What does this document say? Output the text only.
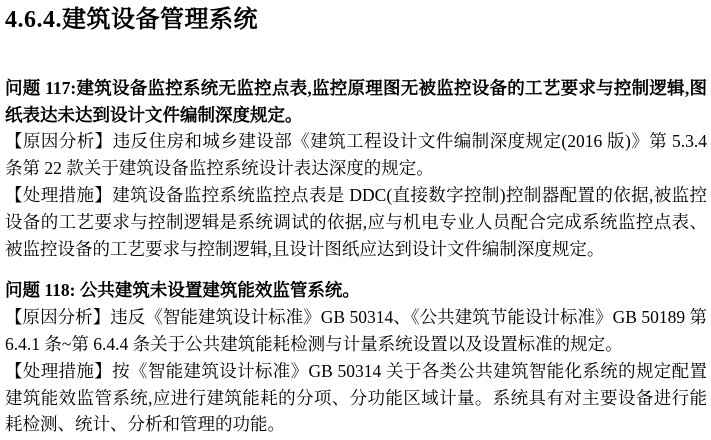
4.6.4.建筑设备管理系统

问题 117:建筑设备监控系统无监控点表,监控原理图无被监控设备的工艺要求与控制逻辑,图纸表达未达到设计文件编制深度规定。

【原因分析】违反住房和城乡建设部《建筑工程设计文件编制深度规定(2016 版)》第 5.3.4 条第 22 款关于建筑设备监控系统设计表达深度的规定。

【处理措施】建筑设备监控系统监控点表是 DDC(直接数字控制)控制器配置的依据,被监控设备的工艺要求与控制逻辑是系统调试的依据,应与机电专业人员配合完成系统监控点表、被监控设备的工艺要求与控制逻辑,且设计图纸应达到设计文件编制深度规定。

问题 118: 公共建筑未设置建筑能效监管系统。

【原因分析】违反《智能建筑设计标准》GB 50314、《公共建筑节能设计标准》GB 50189 第 6.4.1 条~第 6.4.4 条关于公共建筑能耗检测与计量系统设置以及设置标准的规定。

【处理措施】按《智能建筑设计标准》GB 50314 关于各类公共建筑智能化系统的规定配置建筑能效监管系统,应进行建筑能耗的分项、分功能区域计量。系统具有对主要设备进行能耗检测、统计、分析和管理的功能。
